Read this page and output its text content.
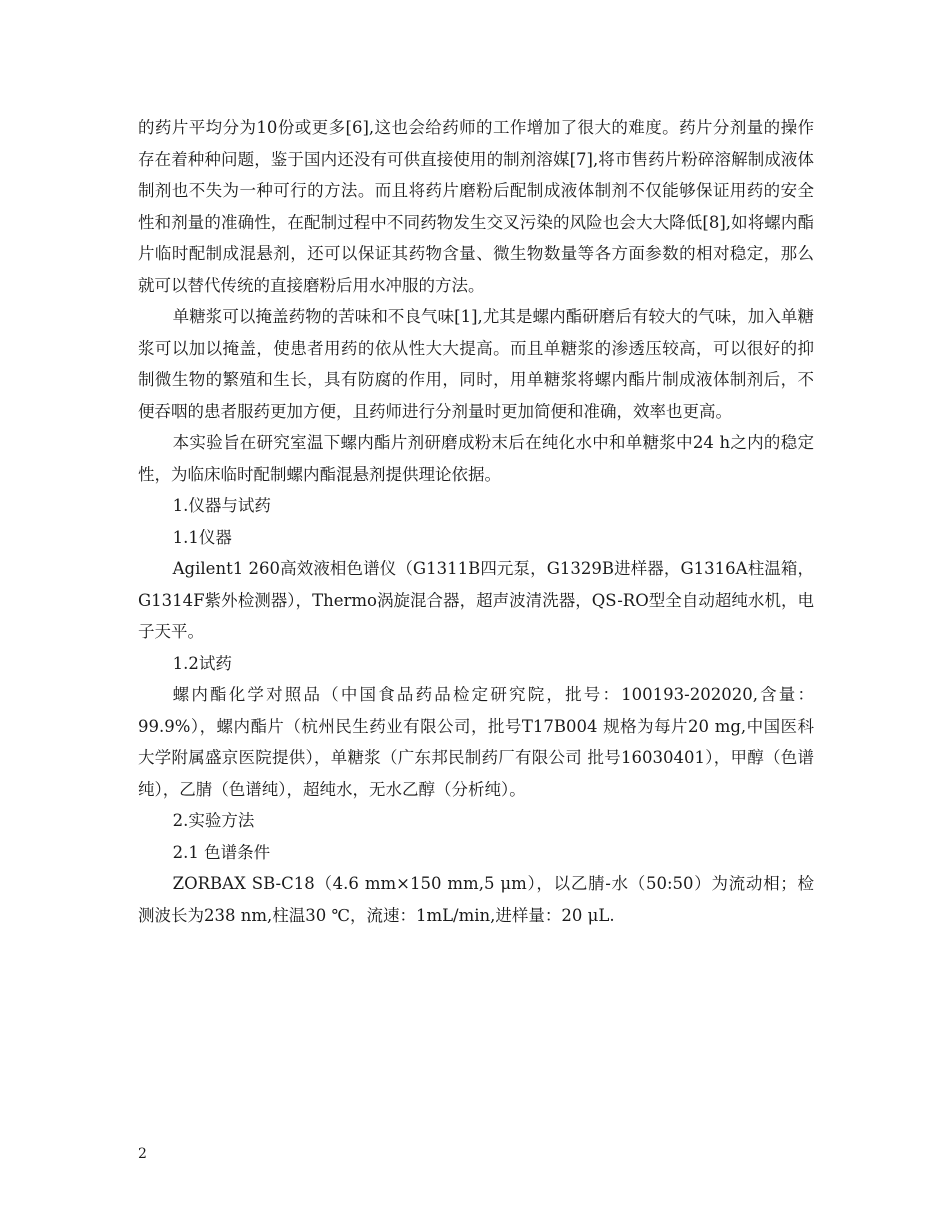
的药片平均分为10份或更多[6],这也会给药师的工作增加了很大的难度。药片分剂量的操作存在着种种问题，鉴于国内还没有可供直接使用的制剂溶媒[7],将市售药片粉碎溶解制成液体制剂也不失为一种可行的方法。而且将药片磨粉后配制成液体制剂不仅能够保证用药的安全性和剂量的准确性，在配制过程中不同药物发生交叉污染的风险也会大大降低[8],如将螺内酯片临时配制成混悬剂，还可以保证其药物含量、微生物数量等各方面参数的相对稳定，那么就可以替代传统的直接磨粉后用水冲服的方法。

单糖浆可以掩盖药物的苦味和不良气味[1],尤其是螺内酯研磨后有较大的气味，加入单糖浆可以加以掩盖，使患者用药的依从性大大提高。而且单糖浆的渗透压较高，可以很好的抑制微生物的繁殖和生长，具有防腐的作用，同时，用单糖浆将螺内酯片制成液体制剂后，不便吞咽的患者服药更加方便，且药师进行分剂量时更加简便和准确，效率也更高。

本实验旨在研究室温下螺内酯片剂研磨成粉末后在纯化水中和单糖浆中24 h之内的稳定性，为临床临时配制螺内酯混悬剂提供理论依据。

1.仪器与试药

1.1仪器

Agilent1 260高效液相色谱仪（G1311B四元泵，G1329B进样器，G1316A柱温箱，G1314F紫外检测器），Thermo涡旋混合器，超声波清洗器，QS-RO型全自动超纯水机，电子天平。

1.2试药

螺内酯化学对照品（中国食品药品检定研究院，批号：100193-202020,含量：99.9%），螺内酯片（杭州民生药业有限公司，批号T17B004 规格为每片20 mg,中国医科大学附属盛京医院提供），单糖浆（广东邦民制药厂有限公司 批号16030401），甲醇（色谱纯），乙腈（色谱纯），超纯水，无水乙醇（分析纯）。

2.实验方法

2.1 色谱条件

ZORBAX SB-C18（4.6 mm×150 mm,5 μm），以乙腈-水（50:50）为流动相；检测波长为238 nm,柱温30 ℃，流速：1mL/min,进样量：20 μL.

2
